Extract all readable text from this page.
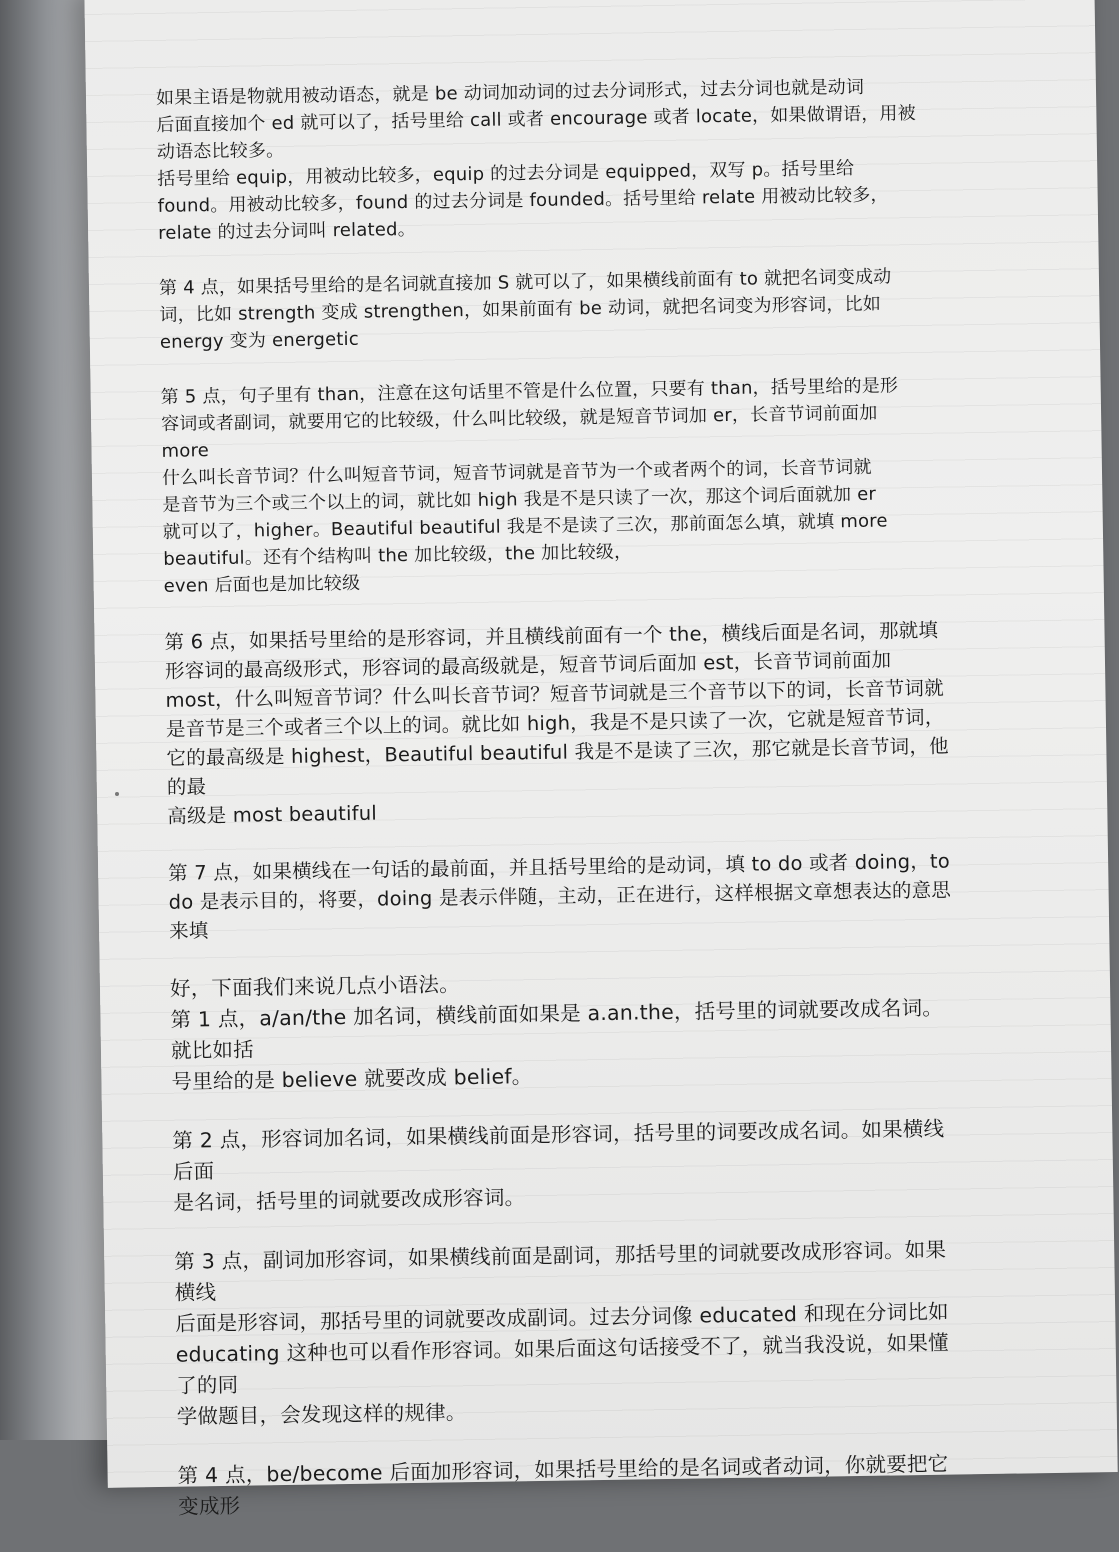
如果主语是物就用被动语态，就是 be 动词加动词的过去分词形式，过去分词也就是动词

后面直接加个 ed 就可以了，括号里给 call 或者 encourage 或者 locate，如果做谓语，用被

动语态比较多。

括号里给 equip，用被动比较多，equip 的过去分词是 equipped，双写 p。括号里给

found。用被动比较多，found 的过去分词是 founded。括号里给 relate 用被动比较多，

relate 的过去分词叫 related。

第 4 点，如果括号里给的是名词就直接加 S 就可以了，如果横线前面有 to 就把名词变成动

词，比如 strength 变成 strengthen，如果前面有 be 动词，就把名词变为形容词，比如

energy 变为 energetic

第 5 点，句子里有 than，注意在这句话里不管是什么位置，只要有 than，括号里给的是形

容词或者副词，就要用它的比较级，什么叫比较级，就是短音节词加 er，长音节词前面加

more

什么叫长音节词？什么叫短音节词，短音节词就是音节为一个或者两个的词，长音节词就

是音节为三个或三个以上的词，就比如 high 我是不是只读了一次，那这个词后面就加 er

就可以了，higher。Beautiful beautiful 我是不是读了三次，那前面怎么填，就填 more

beautiful。还有个结构叫 the 加比较级，the 加比较级，

even 后面也是加比较级

第 6 点，如果括号里给的是形容词，并且横线前面有一个 the，横线后面是名词，那就填

形容词的最高级形式，形容词的最高级就是，短音节词后面加 est，长音节词前面加

most，什么叫短音节词？什么叫长音节词？短音节词就是三个音节以下的词，长音节词就

是音节是三个或者三个以上的词。就比如 high，我是不是只读了一次，它就是短音节词，

它的最高级是 highest，Beautiful beautiful 我是不是读了三次，那它就是长音节词，他的最

高级是 most beautiful

第 7 点，如果横线在一句话的最前面，并且括号里给的是动词，填 to do 或者 doing，to

do 是表示目的，将要，doing 是表示伴随，主动，正在进行，这样根据文章想表达的意思

来填

好，下面我们来说几点小语法。

第 1 点，a/an/the 加名词，横线前面如果是 a.an.the，括号里的词就要改成名词。就比如括

号里给的是 believe 就要改成 belief。

第 2 点，形容词加名词，如果横线前面是形容词，括号里的词要改成名词。如果横线后面

是名词，括号里的词就要改成形容词。

第 3 点，副词加形容词，如果横线前面是副词，那括号里的词就要改成形容词。如果横线

后面是形容词，那括号里的词就要改成副词。过去分词像 educated 和现在分词比如

educating 这种也可以看作形容词。如果后面这句话接受不了，就当我没说，如果懂了的同

学做题目，会发现这样的规律。

第 4 点，be/become 后面加形容词，如果括号里给的是名词或者动词，你就要把它变成形
